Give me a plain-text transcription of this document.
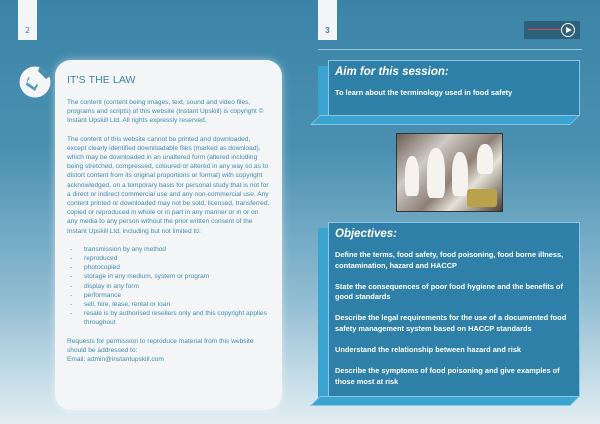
2	3
IT'S THE LAW

The content (content being images, text, sound and video files, programs and scripts) of this website (Instant Upskill) is copyright © Instant Upskill Ltd. All rights expressly reserved.

The content of this website cannot be printed and downloaded, except clearly identified downloadable files (marked as download), which may be downloaded in an unaltered form (altered including being stretched, compressed, coloured or altered in any way so as to distort content from its original proportions or format) with copyright acknowledged, on a temporary basis for personal study that is not for a direct or indirect commercial use and any non-commercial use. Any content printed or downloaded may not be sold, licensed, transferred, copied or reproduced in whole or in part in any manner or in or on any media to any person without the prior written consent of the Instant Upskill Ltd, including but not limited to:

- transmission by any method
- reproduced
- photocopied
- storage in any medium, system or program
- display in any form
- performance
- sell, hire, lease, rental or loan
- resale is by authorised resellers only and this copyright applies throughout

Requests for permission to reproduce material from this website should be addressed to:

Email: admin@instantupskill.com

Aim for this session:

To learn about the terminology used in food safety

Objectives:

Define the terms, food safety, food poisoning, food borne illness, contamination, hazard and HACCP

State the consequences of poor food hygiene and the benefits of good standards

Describe the legal requirements for the use of a documented food safety management system based on HACCP standards

Understand the relationship between hazard and risk

Describe the symptoms of food poisoning and give examples of those most at risk
